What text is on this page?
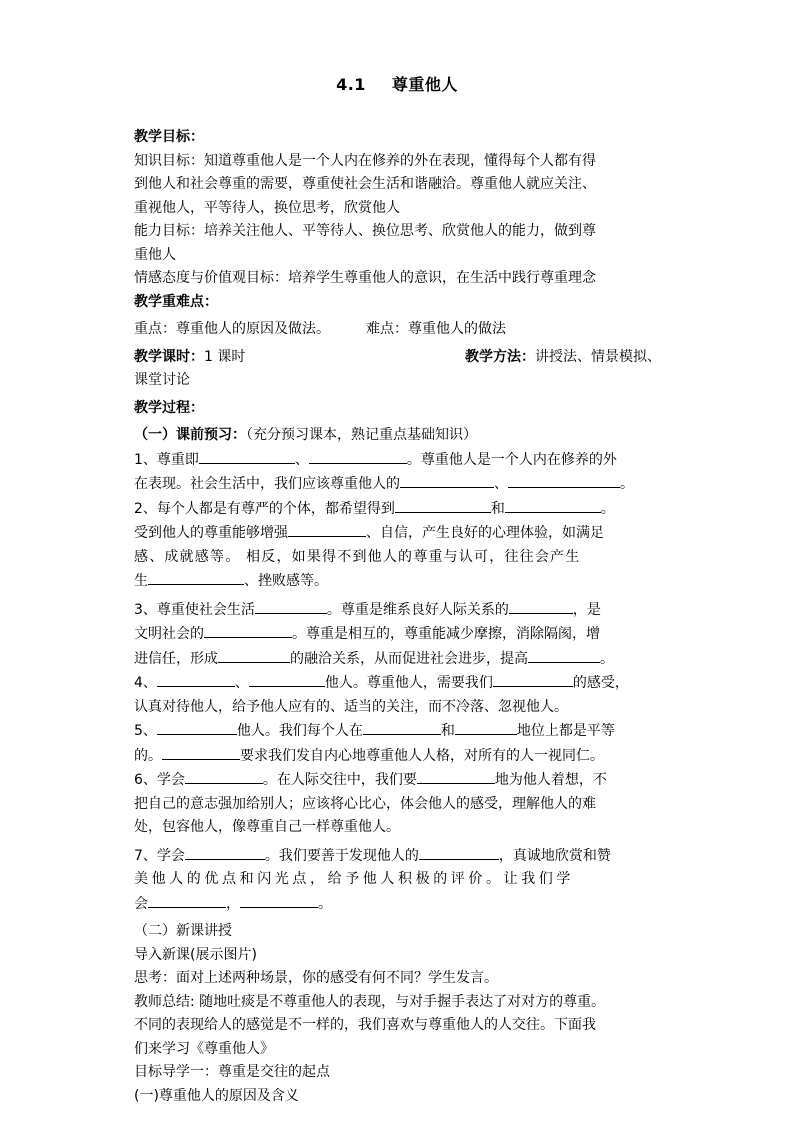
4.1 尊重他人
教学目标：
知识目标：知道尊重他人是一个人内在修养的外在表现，懂得每个人都有得
到他人和社会尊重的需要，尊重使社会生活和谐融洽。尊重他人就应关注、
重视他人，平等待人，换位思考，欣赏他人
能力目标：培养关注他人、平等待人、换位思考、欣赏他人的能力，做到尊
重他人
情感态度与价值观目标：培养学生尊重他人的意识，在生活中践行尊重理念
教学重难点：
重点：尊重他人的原因及做法。	难点：尊重他人的做法
教学课时：1 课时	教学方法：讲授法、情景模拟、
课堂讨论
教学过程：
（一）课前预习：（充分预习课本，熟记重点基础知识）
1、尊重即	、	。尊重他人是一个人内在修养的外
在表现。社会生活中，我们应该尊重他人的	、	。
2、每个人都是有尊严的个体，都希望得到	和	。
受到他人的尊重能够增强	、自信，产生良好的心理体验，如满足
感、成就感等。 相反，如果得不到他人的尊重与认可，往往会产生
生	、挫败感等。
3、尊重使社会生活	。尊重是维系良好人际关系的	，是
文明社会的	。尊重是相互的，尊重能减少摩擦，消除隔阂，增
进信任，形成	的融洽关系，从而促进社会进步，提高	。
4、	、	他人。尊重他人，需要我们	的感受，
认真对待他人，给予他人应有的、适当的关注，而不冷落、忽视他人。
5、	他人。我们每个人在	和	地位上都是平等
的。	要求我们发自内心地尊重他人人格，对所有的人一视同仁。
6、学会	。在人际交往中，我们要	地为他人着想，不
把自己的意志强加给别人；应该将心比心，体会他人的感受，理解他人的难
处，包容他人，像尊重自己一样尊重他人。
7、学会	。我们要善于发现他人的	，真诚地欣赏和赞
美他人的优点和闪光点，给予他人积极的评价。让我们学
会	，	。
（二）新课讲授
导入新课(展示图片)
思考：面对上述两种场景，你的感受有何不同？学生发言。
教师总结: 随地吐痰是不尊重他人的表现，与对手握手表达了对对方的尊重。
不同的表现给人的感觉是不一样的，我们喜欢与尊重他人的人交往。下面我
们来学习《尊重他人》
目标导学一：尊重是交往的起点
(一)尊重他人的原因及含义
